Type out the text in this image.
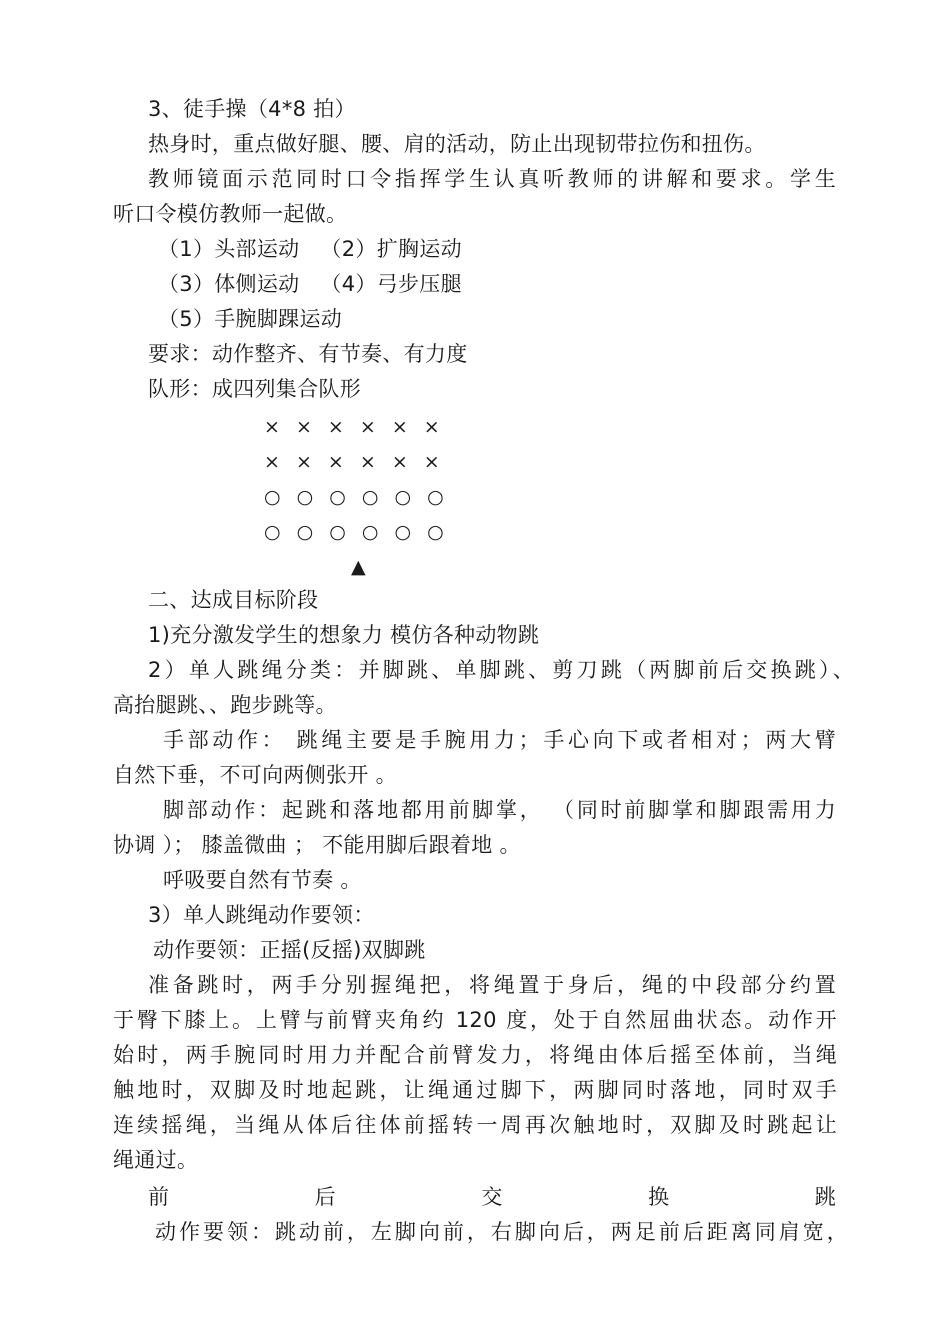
3、徒手操（4*8 拍）
热身时，重点做好腿、腰、肩的活动，防止出现韧带拉伤和扭伤。
教师镜面示范同时口令指挥学生认真听教师的讲解和要求。学生
听口令模仿教师一起做。
（1）头部运动 （2）扩胸运动
（3）体侧运动 （4）弓步压腿
（5）手腕脚踝运动
要求：动作整齐、有节奏、有力度
队形：成四列集合队形
× × × × × ×
× × × × × ×
○ ○ ○ ○ ○ ○
○ ○ ○ ○ ○ ○
▲
二、达成目标阶段
1)充分激发学生的想象力 模仿各种动物跳
2）单人跳绳分类：并脚跳、单脚跳、剪刀跳（两脚前后交换跳）、
高抬腿跳、、跑步跳等。
手部动作： 跳绳主要是手腕用力；手心向下或者相对；两大臂
自然下垂，不可向两侧张开 。
脚部动作：起跳和落地都用前脚掌， （同时前脚掌和脚跟需用力
协调 ）； 膝盖微曲 ； 不能用脚后跟着地 。
呼吸要自然有节奏 。
3）单人跳绳动作要领：
动作要领：正摇(反摇)双脚跳
准备跳时，两手分别握绳把，将绳置于身后，绳的中段部分约置
于臀下膝上。上臂与前臂夹角约 120 度，处于自然屈曲状态。动作开
始时，两手腕同时用力并配合前臂发力，将绳由体后摇至体前，当绳
触地时，双脚及时地起跳，让绳通过脚下，两脚同时落地，同时双手
连续摇绳，当绳从体后往体前摇转一周再次触地时，双脚及时跳起让
绳通过。
前	后	交	换	跳
动作要领：跳动前，左脚向前，右脚向后，两足前后距离同肩宽，
